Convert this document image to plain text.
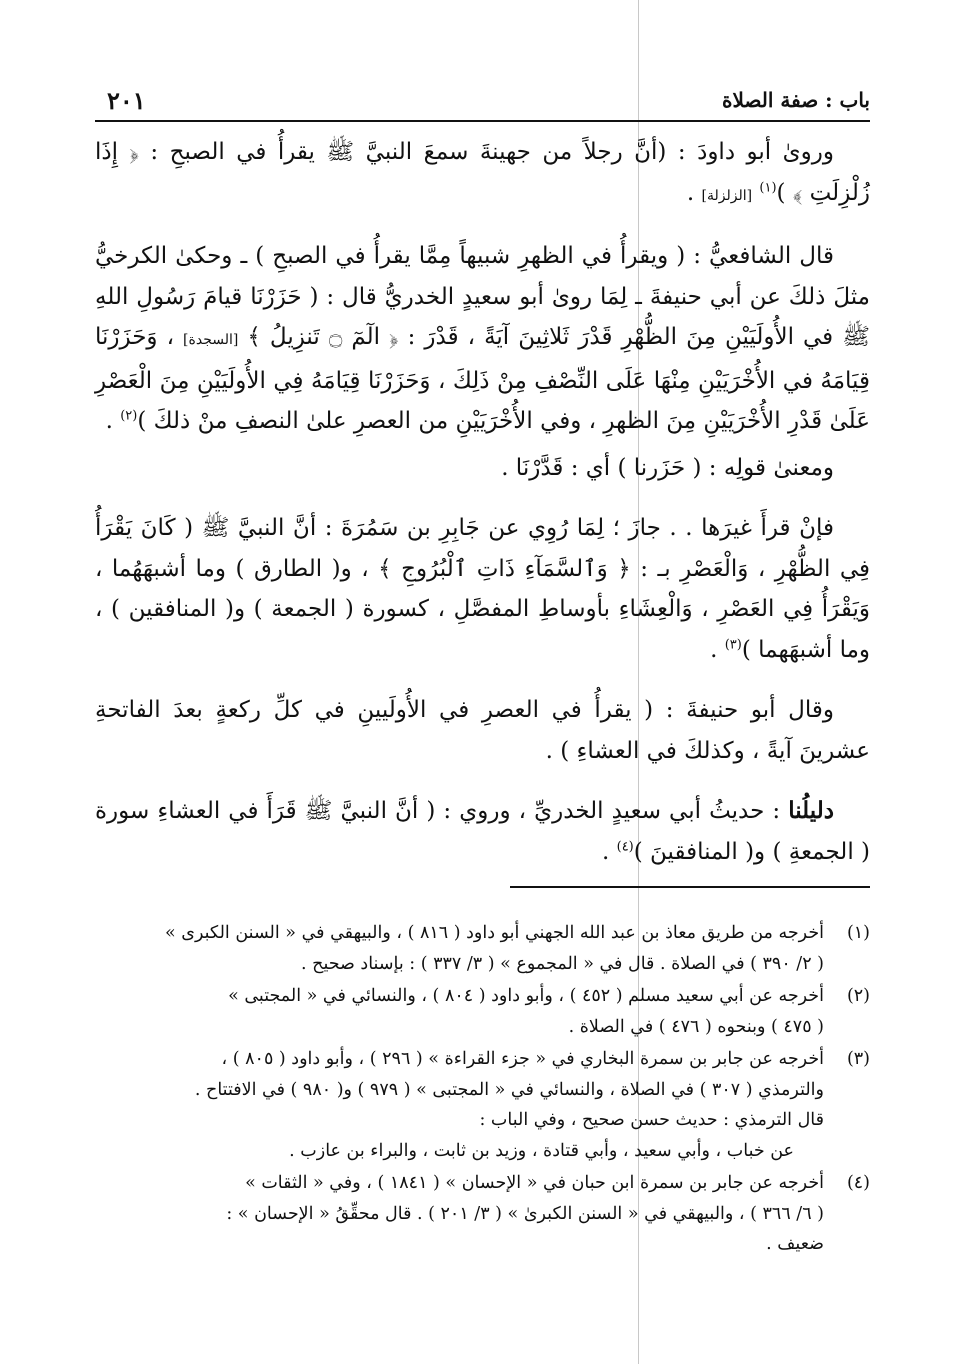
باب : صفة الصلاة
٢٠١

وروىٰ أبو داودَ : (أنَّ رجلاً من جهينةَ سمعَ النبيَّ ﷺ يقرأُ في الصبحِ : ﴿ إِذَا زُلْزِلَتِ ﴾ )$^{(١)}$ [الزلزلة] .

قال الشافعيُّ : ( ويقرأُ في الظهرِ شبيهاً مِمَّا يقرأُ في الصبحِ ) ـ وحكىٰ الكرخيُّ مثلَ ذلكَ عن أبي حنيفةَ ـ لِمَا روىٰ أبو سعيدٍ الخدريُّ قال : ( حَزَرْنَا قيامَ رَسُولِ اللهِ ﷺ في الأُولَيَيْنِ مِنَ الظُّهْرِ قَدْرَ ثَلاثِينَ آيَةً ، قَدْرَ : ﴿ الٓمٓ ۝ تَنزِيلُ ﴾ [السجدة] ، وَحَزَرْنَا قِيَامَهُ في الأُخْرَيَيْنِ مِنْهَا عَلَى النِّصْفِ مِنْ ذَلِكَ ، وَحَزَرْنَا قِيَامَهُ فِي الأُولَيَيْنِ مِنَ الْعَصْرِ عَلَىٰ قَدْرِ الأُخْرَيَيْنِ مِنَ الظهرِ ، وفي الأُخْرَيَيْنِ من العصرِ علىٰ النصفِ منْ ذلكَ )$^{(٢)}$ .

ومعنىٰ قولِه : ( حَزَرنا ) أي : قَدَّرْنَا .

فإنْ قرأَ غيرَها . . جازَ ؛ لِمَا رُوِي عن جَابِرِ بن سَمُرَةَ : أنَّ النبيَّ ﷺ ( كَانَ يَقْرَأُ فِي الظُّهْرِ ، وَالْعَصْرِ بـ : ﴿ وَٱلسَّمَآءِ ذَاتِ ٱلْبُرُوجِ ﴾ ، و( الطارق ) وما أشبهَهُما ، وَيَقْرَأُ فِي العَصْرِ ، وَالْعِشَاءِ بأوساطِ المفصَّلِ ، كسورة ( الجمعة ) و( المنافقين ) ، وما أشبهَهما )$^{(٣)}$ .

وقال أبو حنيفةَ : ( يقرأُ في العصرِ في الأُولَيينِ في كلِّ ركعةٍ بعدَ الفاتحةِ عشرينَ آيةً ، وكذلكَ في العشاءِ ) .

دليلُنا : حديثُ أبي سعيدٍ الخدريِّ ، وروي : ( أنَّ النبيَّ ﷺ قَرَأَ في العشاءِ سورة ( الجمعةِ ) و( المنافقينَ )$^{(٤)}$ .

(١)
أخرجه من طريق معاذ بن عبد الله الجهني أبو داود ( ٨١٦ ) ، والبيهقي في « السنن الكبرى »
( ٢/ ٣٩٠ ) في الصلاة . قال في « المجموع » ( ٣/ ٣٣٧ ) : بإسناد صحيح .
(٢)
أخرجه عن أبي سعيد مسلم ( ٤٥٢ ) ، وأبو داود ( ٨٠٤ ) ، والنسائي في « المجتبى »
( ٤٧٥ ) وبنحوه ( ٤٧٦ ) في الصلاة .
(٣)
أخرجه عن جابر بن سمرة البخاري في « جزء القراءة » ( ٢٩٦ ) ، وأبو داود ( ٨٠٥ ) ،
والترمذي ( ٣٠٧ ) في الصلاة ، والنسائي في « المجتبى » ( ٩٧٩ ) و( ٩٨٠ ) في الافتتاح .
قال الترمذي : حديث حسن صحيح ، وفي الباب :
عن خباب ، وأبي سعيد ، وأبي قتادة ، وزيد بن ثابت ، والبراء بن عازب .
(٤)
أخرجه عن جابر بن سمرة ابن حبان في « الإحسان » ( ١٨٤١ ) ، وفي « الثقات »
( ٦/ ٣٦٦ ) ، والبيهقي في « السنن الكبرىٰ » ( ٣/ ٢٠١ ) . قال محقِّقُ « الإحسان » :
ضعيف .
